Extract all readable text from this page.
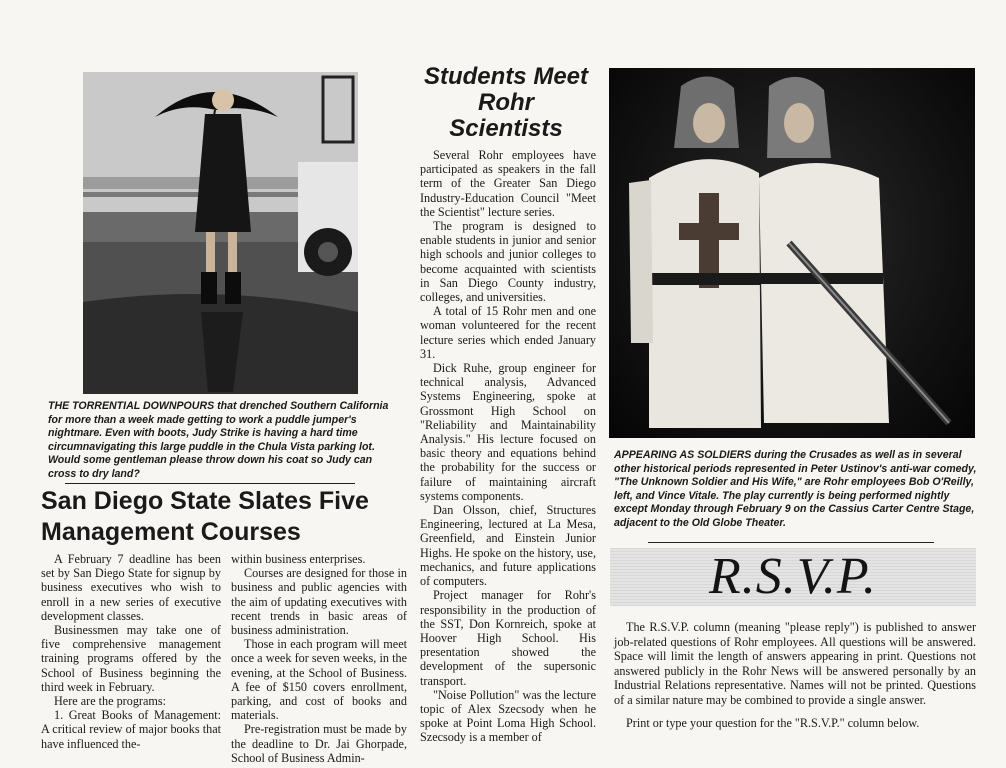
THE TORRENTIAL DOWNPOURS that drenched Southern California for more than a week made getting to work a puddle jumper's nightmare. Even with boots, Judy Strike is having a hard time circumnavigating this large puddle in the Chula Vista parking lot. Would some gentleman please throw down his coat so Judy can cross to dry land?
San Diego State Slates Five Management Courses

A February 7 deadline has been set by San Diego State for signup by business executives who wish to enroll in a new series of executive development classes.

Businessmen may take one of five comprehensive management training programs offered by the School of Business beginning the third week in February.

Here are the programs:

1. Great Books of Management: A critical review of major books that have influenced the-

within business enterprises.

Courses are designed for those in business and public agencies with the aim of updating executives with recent trends in basic areas of business administration.

Those in each program will meet once a week for seven weeks, in the evening, at the School of Business. A fee of $150 covers enrollment, parking, and cost of books and materials.

Pre-registration must be made by the deadline to Dr. Jai Ghorpade, School of Business Admin-

Students Meet Rohr Scientists

Several Rohr employees have participated as speakers in the fall term of the Greater San Diego Industry-Education Council "Meet the Scientist" lecture series.

The program is designed to enable students in junior and senior high schools and junior colleges to become acquainted with scientists in San Diego County industry, colleges, and universities.

A total of 15 Rohr men and one woman volunteered for the recent lecture series which ended January 31.

Dick Ruhe, group engineer for technical analysis, Advanced Systems Engineering, spoke at Grossmont High School on "Reliability and Maintainability Analysis." His lecture focused on basic theory and equations behind the probability for the success or failure of maintaining aircraft systems components.

Dan Olsson, chief, Structures Engineering, lectured at La Mesa, Greenfield, and Einstein Junior Highs. He spoke on the history, use, mechanics, and future applications of computers.

Project manager for Rohr's responsibility in the production of the SST, Don Kornreich, spoke at Hoover High School. His presentation showed the development of the supersonic transport.

"Noise Pollution" was the lecture topic of Alex Szecsody when he spoke at Point Loma High School. Szecsody is a member of

APPEARING AS SOLDIERS during the Crusades as well as in several other historical periods represented in Peter Ustinov's anti-war comedy, "The Unknown Soldier and His Wife," are Rohr employees Bob O'Reilly, left, and Vince Vitale. The play currently is being performed nightly except Monday through February 9 on the Cassius Carter Centre Stage, adjacent to the Old Globe Theater.
R.S.V.P.

The R.S.V.P. column (meaning "please reply") is published to answer job-related questions of Rohr employees. All questions will be answered. Space will limit the length of answers appearing in print. Questions not answered publicly in the Rohr News will be answered personally by an Industrial Relations representative. Names will not be printed. Questions of a similar nature may be combined to provide a single answer.

Print or type your question for the "R.S.V.P." column below.
